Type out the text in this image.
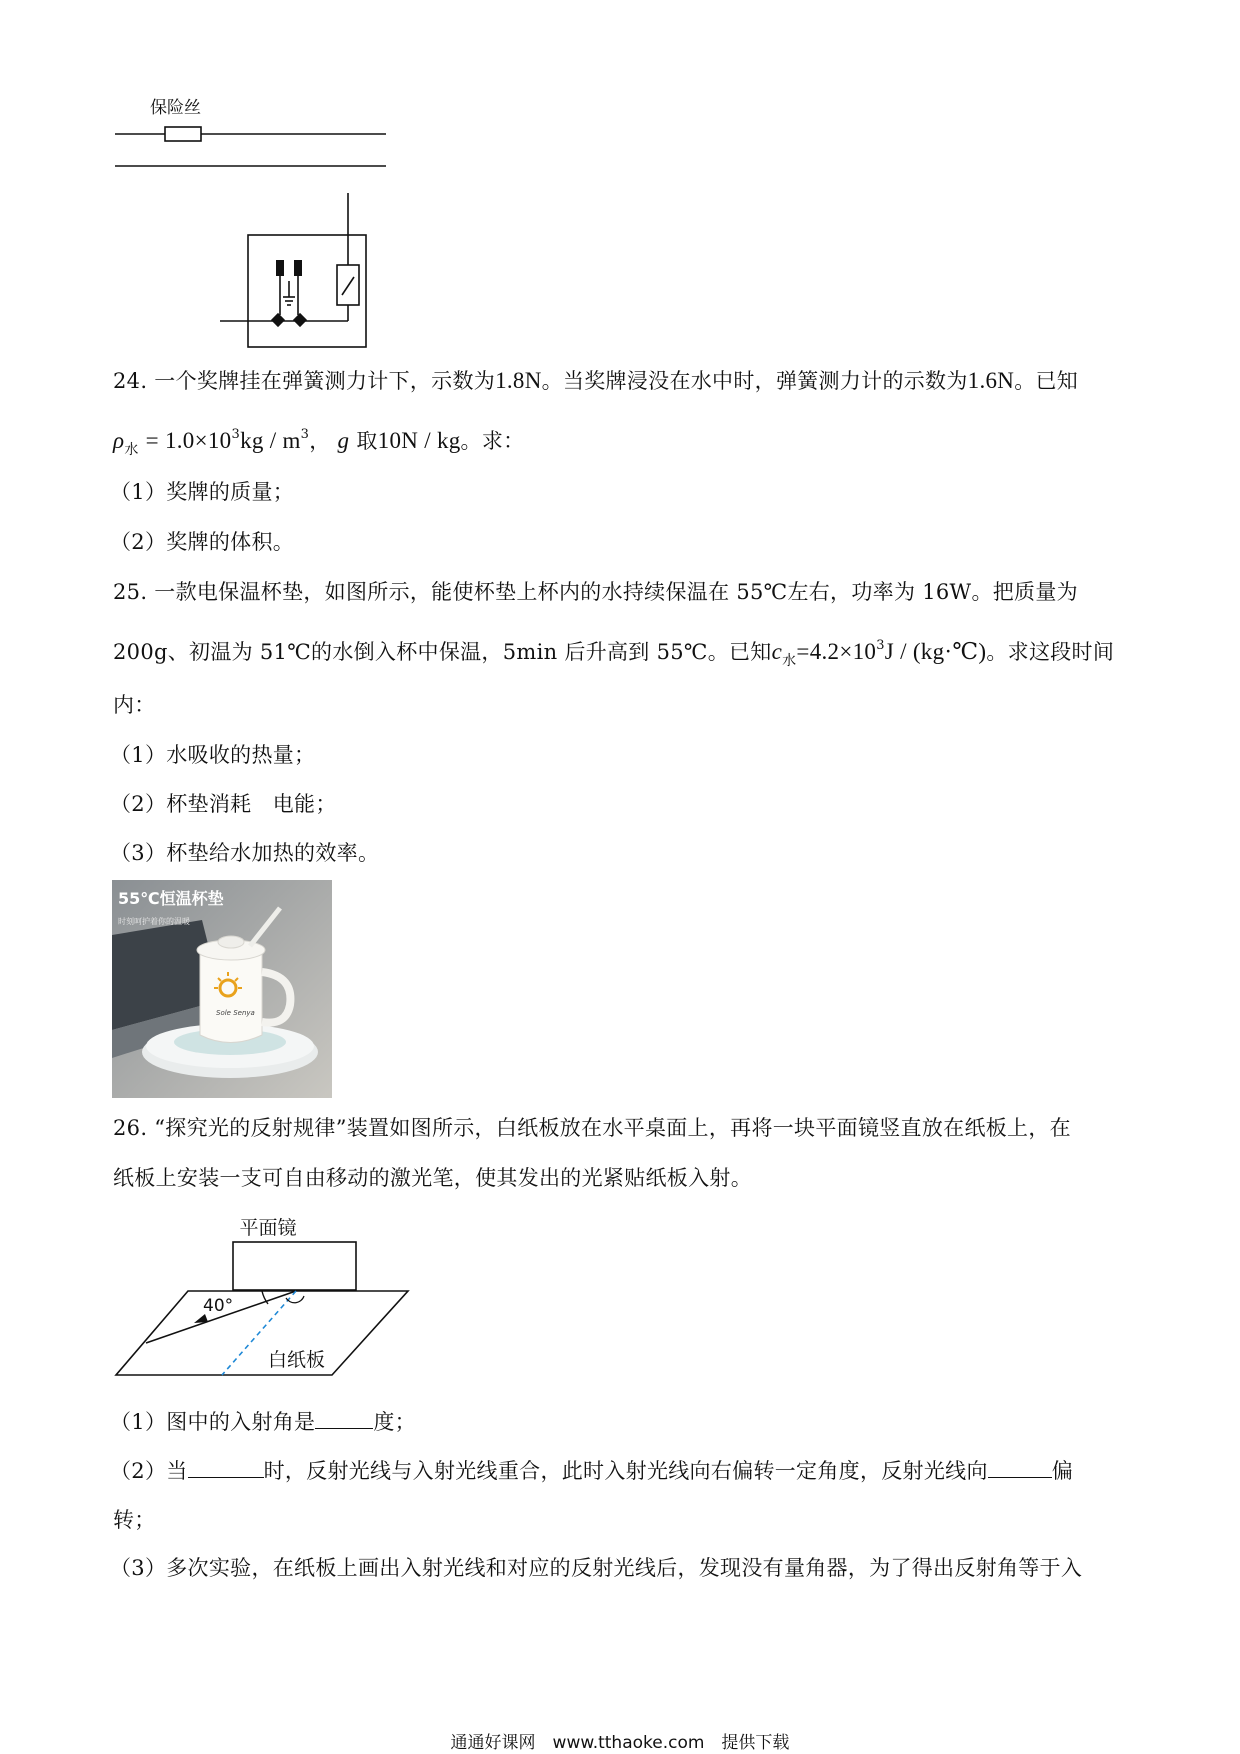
保险丝
24. 一个奖牌挂在弹簧测力计下，示数为1.8N。当奖牌浸没在水中时，弹簧测力计的示数为1.6N。已知
$\rho_水 = 1.0\times 10^3kg / m^3$， g 取10N / kg。求：
（1）奖牌的质量；
（2）奖牌的体积。
25. 一款电保温杯垫，如图所示，能使杯垫上杯内的水持续保温在 55℃左右，功率为 16W。把质量为
200g、初温为 51℃的水倒入杯中保温，5min 后升高到 55℃。已知$c_水=4.2\times 10^3J$ / (kg·℃)。求这段时间
内：
（1）水吸收的热量；
（2）杯垫消耗　电能；
（3）杯垫给水加热的效率。
55℃恒温杯垫
时刻呵护着你的温暖
Sole Senya
26. “探究光的反射规律”装置如图所示，白纸板放在水平桌面上，再将一块平面镜竖直放在纸板上，在
纸板上安装一支可自由移动的激光笔，使其发出的光紧贴纸板入射。
平面镜
40°
白纸板
（1）图中的入射角是	度；
（2）当	时，反射光线与入射光线重合，此时入射光线向右偏转一定角度，反射光线向	偏
转；
（3）多次实验，在纸板上画出入射光线和对应的反射光线后，发现没有量角器，为了得出反射角等于入
通通好课网　www.tthaoke.com　提供下载
